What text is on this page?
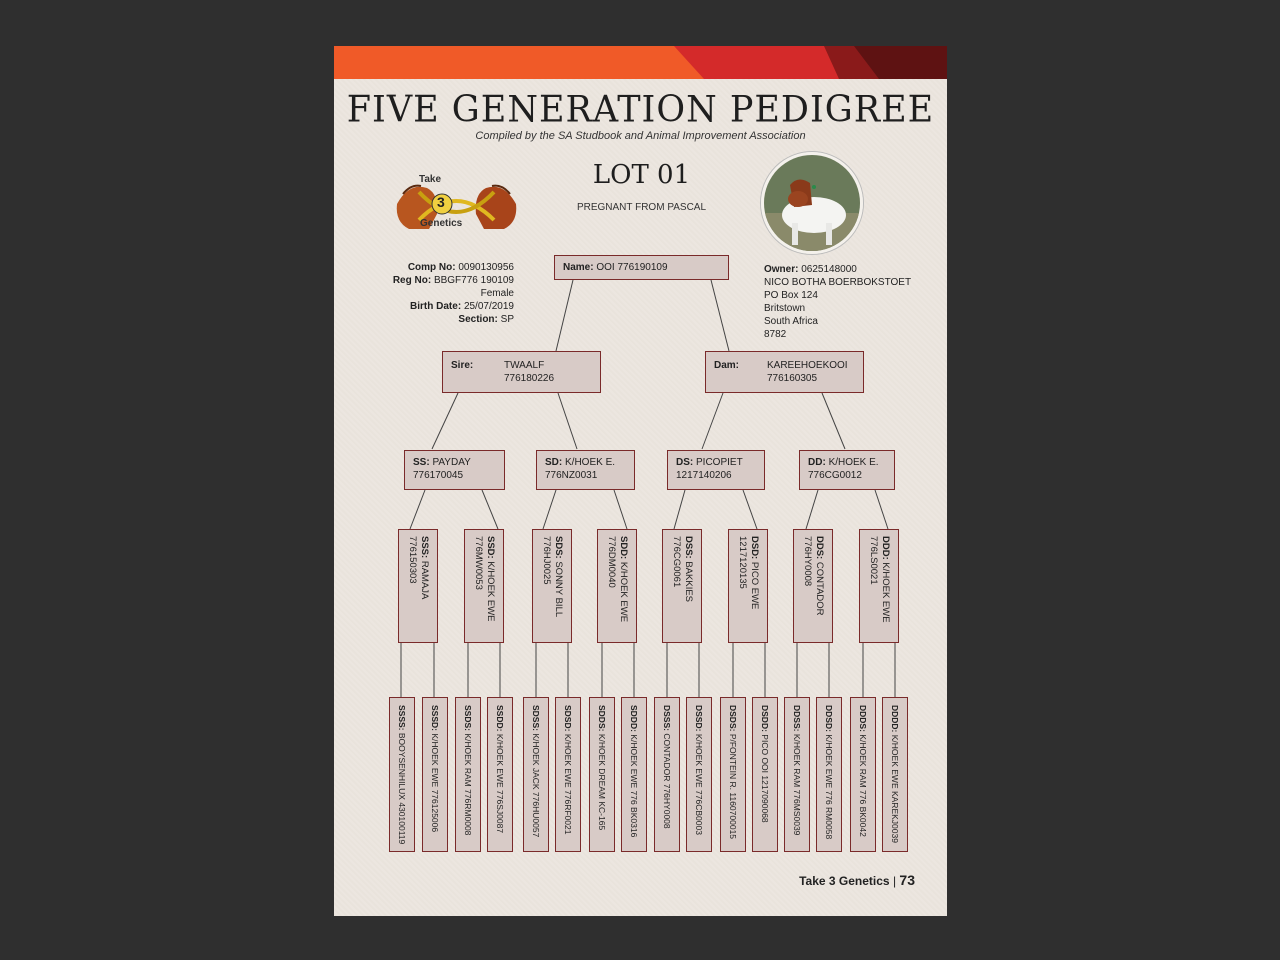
FIVE GENERATION PEDIGREE
Compiled by the SA Studbook and Animal Improvement Association
LOT 01
PREGNANT FROM PASCAL
Take
3
Genetics
Comp No: 0090130956
Reg No: BBGF776 190109
Female
Birth Date: 25/07/2019
Section: SP
Owner: 0625148000
NICO BOTHA BOERBOKSTOET
PO Box 124
Britstown
South Africa
8782
Name: OOI 776190109
Sire:	TWAALF
776180226
Dam:	KAREEHOEKOOI
776160305
SS: PAYDAY
776170045
SD: K/HOEK E.
776NZ0031
DS: PICOPIET
1217140206
DD: K/HOEK E.
776CG0012
SSS: RAMAJA
776150303	SSD: K/HOEK EWE
776MW0053	SDS: SONNY BILL
776HJ0025	SDD: K/HOEK EWE
776DM0040	DSS: BAKKIES
776CG0061	DSD: PICO EWE
1217120135	DDS: CONTADOR
776HY0008	DDD: K/HOEK EWE
776LS0021
SSSS: BOOYSENHILUX 430100119
SSSD: K/HOEK EWE 776125006
SSDS: K/HOEK RAM 776RM0008
SSDD: K/HOEK EWE 776SJ0087
SDSS: K/HOEK JACK 776HU0057
SDSD: K/HOEK EWE 776RF0021
SDDS: K/HOEK DREAM KC-165
SDDD: K/HOEK EWE 776 BK0316
DSSS: CONTADOR 776HY0008
DSSD: K/HOEK EWE 776CB0003
DSDS: P/FONTEIN R. 1160700015
DSDD: PICO OOI 1217090068
DDSS: K/HOEK RAM 776MS0039
DDSD: K/HOEK EWE 776 RM0058
DDDS: K/HOEK RAM 776 BK0042
DDDD: K/HOEK EWE KAREKJ0039
Take 3 Genetics | 73
